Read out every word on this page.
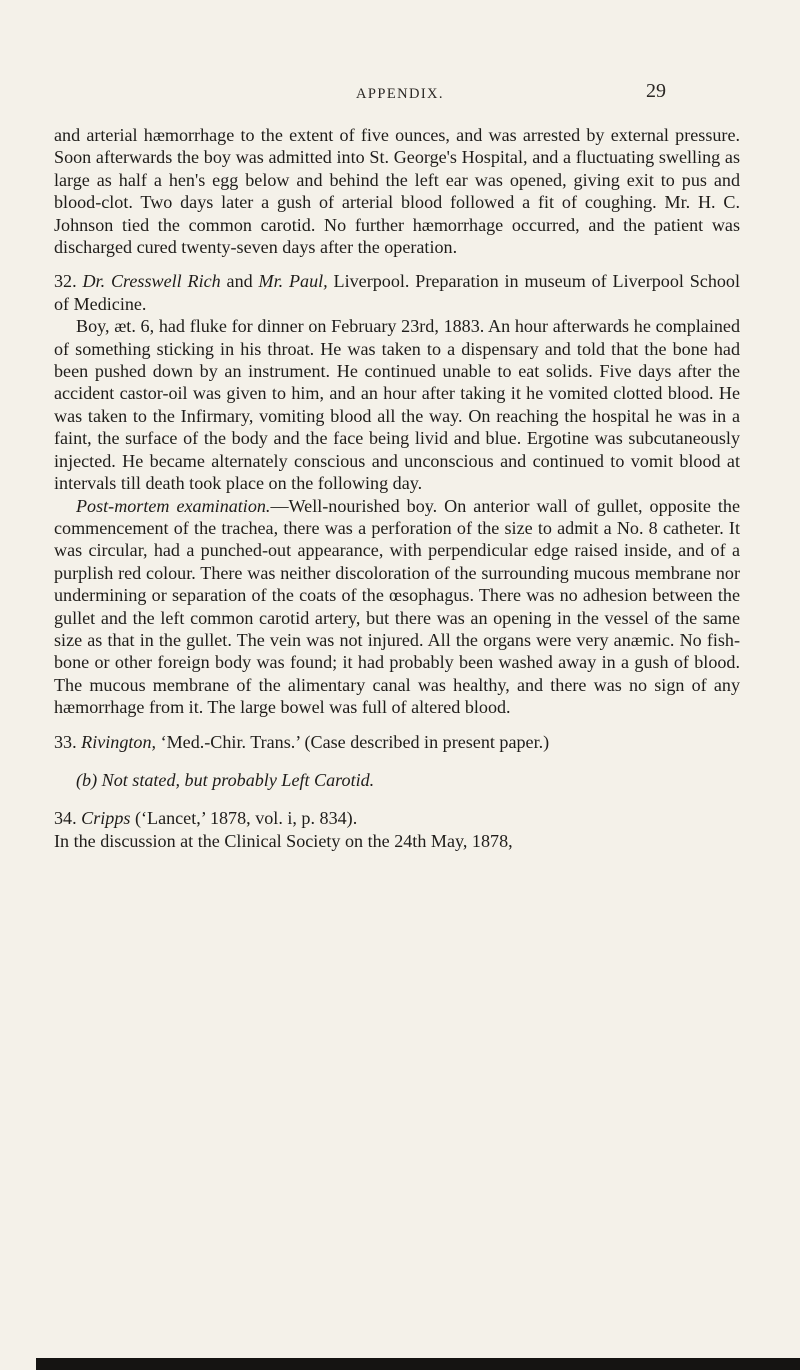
APPENDIX.	29

and arterial hæmorrhage to the extent of five ounces, and was arrested by external pressure. Soon afterwards the boy was admitted into St. George's Hospital, and a fluctuating swelling as large as half a hen's egg below and behind the left ear was opened, giving exit to pus and blood-clot. Two days later a gush of arterial blood followed a fit of coughing. Mr. H. C. Johnson tied the common carotid. No further hæmorrhage occurred, and the patient was discharged cured twenty-seven days after the operation.

32. Dr. Cresswell Rich and Mr. Paul, Liverpool. Preparation in museum of Liverpool School of Medicine.

Boy, æt. 6, had fluke for dinner on February 23rd, 1883. An hour afterwards he complained of something sticking in his throat. He was taken to a dispensary and told that the bone had been pushed down by an instrument. He continued unable to eat solids. Five days after the accident castor-oil was given to him, and an hour after taking it he vomited clotted blood. He was taken to the Infirmary, vomiting blood all the way. On reaching the hospital he was in a faint, the surface of the body and the face being livid and blue. Ergotine was subcutaneously injected. He became alternately conscious and unconscious and continued to vomit blood at intervals till death took place on the following day.

Post-mortem examination.—Well-nourished boy. On anterior wall of gullet, opposite the commencement of the trachea, there was a perforation of the size to admit a No. 8 catheter. It was circular, had a punched-out appearance, with perpendicular edge raised inside, and of a purplish red colour. There was neither discoloration of the surrounding mucous membrane nor undermining or separation of the coats of the œsophagus. There was no adhesion between the gullet and the left common carotid artery, but there was an opening in the vessel of the same size as that in the gullet. The vein was not injured. All the organs were very anæmic. No fish-bone or other foreign body was found; it had probably been washed away in a gush of blood. The mucous membrane of the alimentary canal was healthy, and there was no sign of any hæmorrhage from it. The large bowel was full of altered blood.

33. Rivington, ‘Med.-Chir. Trans.’ (Case described in present paper.)

(b) Not stated, but probably Left Carotid.

34. Cripps (‘Lancet,’ 1878, vol. i, p. 834).

In the discussion at the Clinical Society on the 24th May, 1878,
